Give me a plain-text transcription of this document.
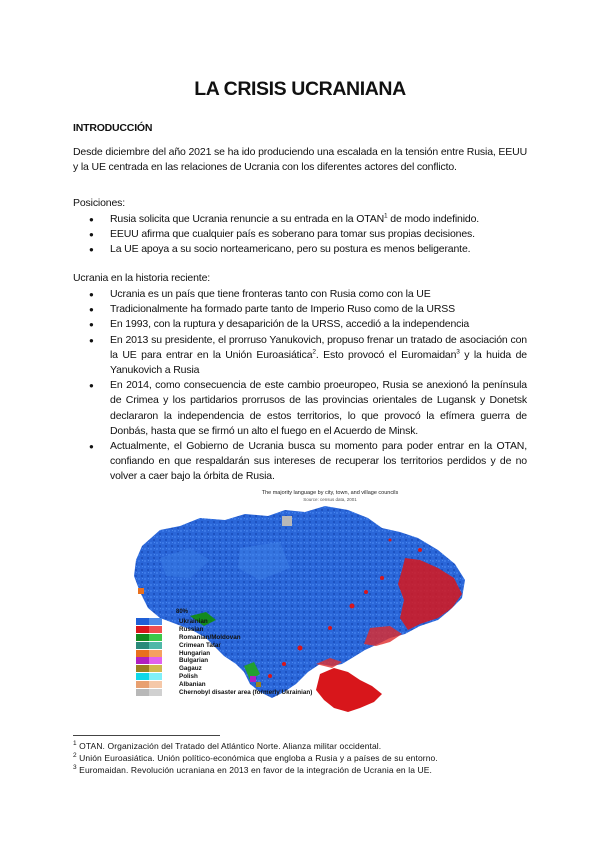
LA CRISIS UCRANIANA
INTRODUCCIÓN
Desde diciembre del año 2021 se ha ido produciendo una escalada en la tensión entre Rusia, EEUU y la UE centrada en las relaciones de Ucrania con los diferentes actores del conflicto.
Posiciones:
● Rusia solicita que Ucrania renuncie a su entrada en la OTAN$^1$ de modo indefinido.
● EEUU afirma que cualquier país es soberano para tomar sus propias decisiones.
● La UE apoya a su socio norteamericano, pero su postura es menos beligerante.
Ucrania en la historia reciente:
● Ucrania es un país que tiene fronteras tanto con Rusia como con la UE
● Tradicionalmente ha formado parte tanto de Imperio Ruso como de la URSS
● En 1993, con la ruptura y desaparición de la URSS, accedió a la independencia
● En 2013 su presidente, el prorruso Yanukovich, propuso frenar un tratado de asociación con la UE para entrar en la Unión Euroasiática$^2$. Esto provocó el Euromaidan$^3$ y la huida de Yanukovich a Rusia
● En 2014, como consecuencia de este cambio proeuropeo, Rusia se anexionó la península de Crimea y los partidarios prorrusos de las provincias orientales de Lugansk y Donetsk declararon la independencia de estos territorios, lo que provocó la efímera guerra de Donbás, hasta que se firmó un alto el fuego en el Acuerdo de Minsk.
● Actualmente, el Gobierno de Ucrania busca su momento para poder entrar en la OTAN, confiando en que respaldarán sus intereses de recuperar los territorios perdidos y de no volver a caer bajo la órbita de Rusia.
The majority language by city, town, and village councils
Source: census data, 2001
80%
Ukrainian
Russian
Romanian/Moldovan
Crimean Tatar
Hungarian
Bulgarian
Gagauz
Polish
Albanian
Chernobyl disaster area (formerly Ukrainian)
$^1$ OTAN. Organización del Tratado del Atlántico Norte. Alianza militar occidental.
$^2$ Unión Euroasiática. Unión político-económica que engloba a Rusia y a países de su entorno.
$^3$ Euromaidan. Revolución ucraniana en 2013 en favor de la integración de Ucrania en la UE.
